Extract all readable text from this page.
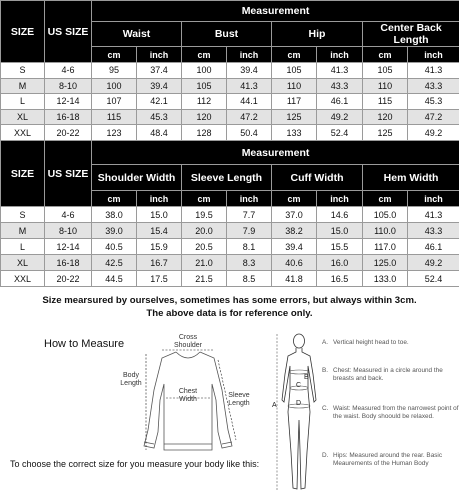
SIZE	US SIZE	Measurement							
		Waist		Bust		Hip		Center Back Length	
		cm	inch	cm	inch	cm	inch	cm	inch
S	4-6	95	37.4	100	39.4	105	41.3	105	41.3
M	8-10	100	39.4	105	41.3	110	43.3	110	43.3
L	12-14	107	42.1	112	44.1	117	46.1	115	45.3
XL	16-18	115	45.3	120	47.2	125	49.2	120	47.2
XXL	20-22	123	48.4	128	50.4	133	52.4	125	49.2
SIZE	US SIZE	Measurement							
		Shoulder Width		Sleeve Length		Cuff Width		Hem Width	
		cm	inch	cm	inch	cm	inch	cm	inch
S	4-6	38.0	15.0	19.5	7.7	37.0	14.6	105.0	41.3
M	8-10	39.0	15.4	20.0	7.9	38.2	15.0	110.0	43.3
L	12-14	40.5	15.9	20.5	8.1	39.4	15.5	117.0	46.1
XL	16-18	42.5	16.7	21.0	8.3	40.6	16.0	125.0	49.2
XXL	20-22	44.5	17.5	21.5	8.5	41.8	16.5	133.0	52.4
Size mearsured by ourselves, sometimes has some errors, but always within 3cm.
The above data is for reference only.
How to Measure
Cross
Shoulder
Body
Length
Chest
Width
Sleeve
Length
To choose the correct size for you measure your body like this:
B
C
A	D
A. Vertical height head to toe.
B. Chest: Measured in a circle around the breasts and back.
C. Waist: Measured from the narrowest point of the waist. Body shoould be relaxed.
D. Hips: Measured around the rear. Basic Meaurements of the Human Body
